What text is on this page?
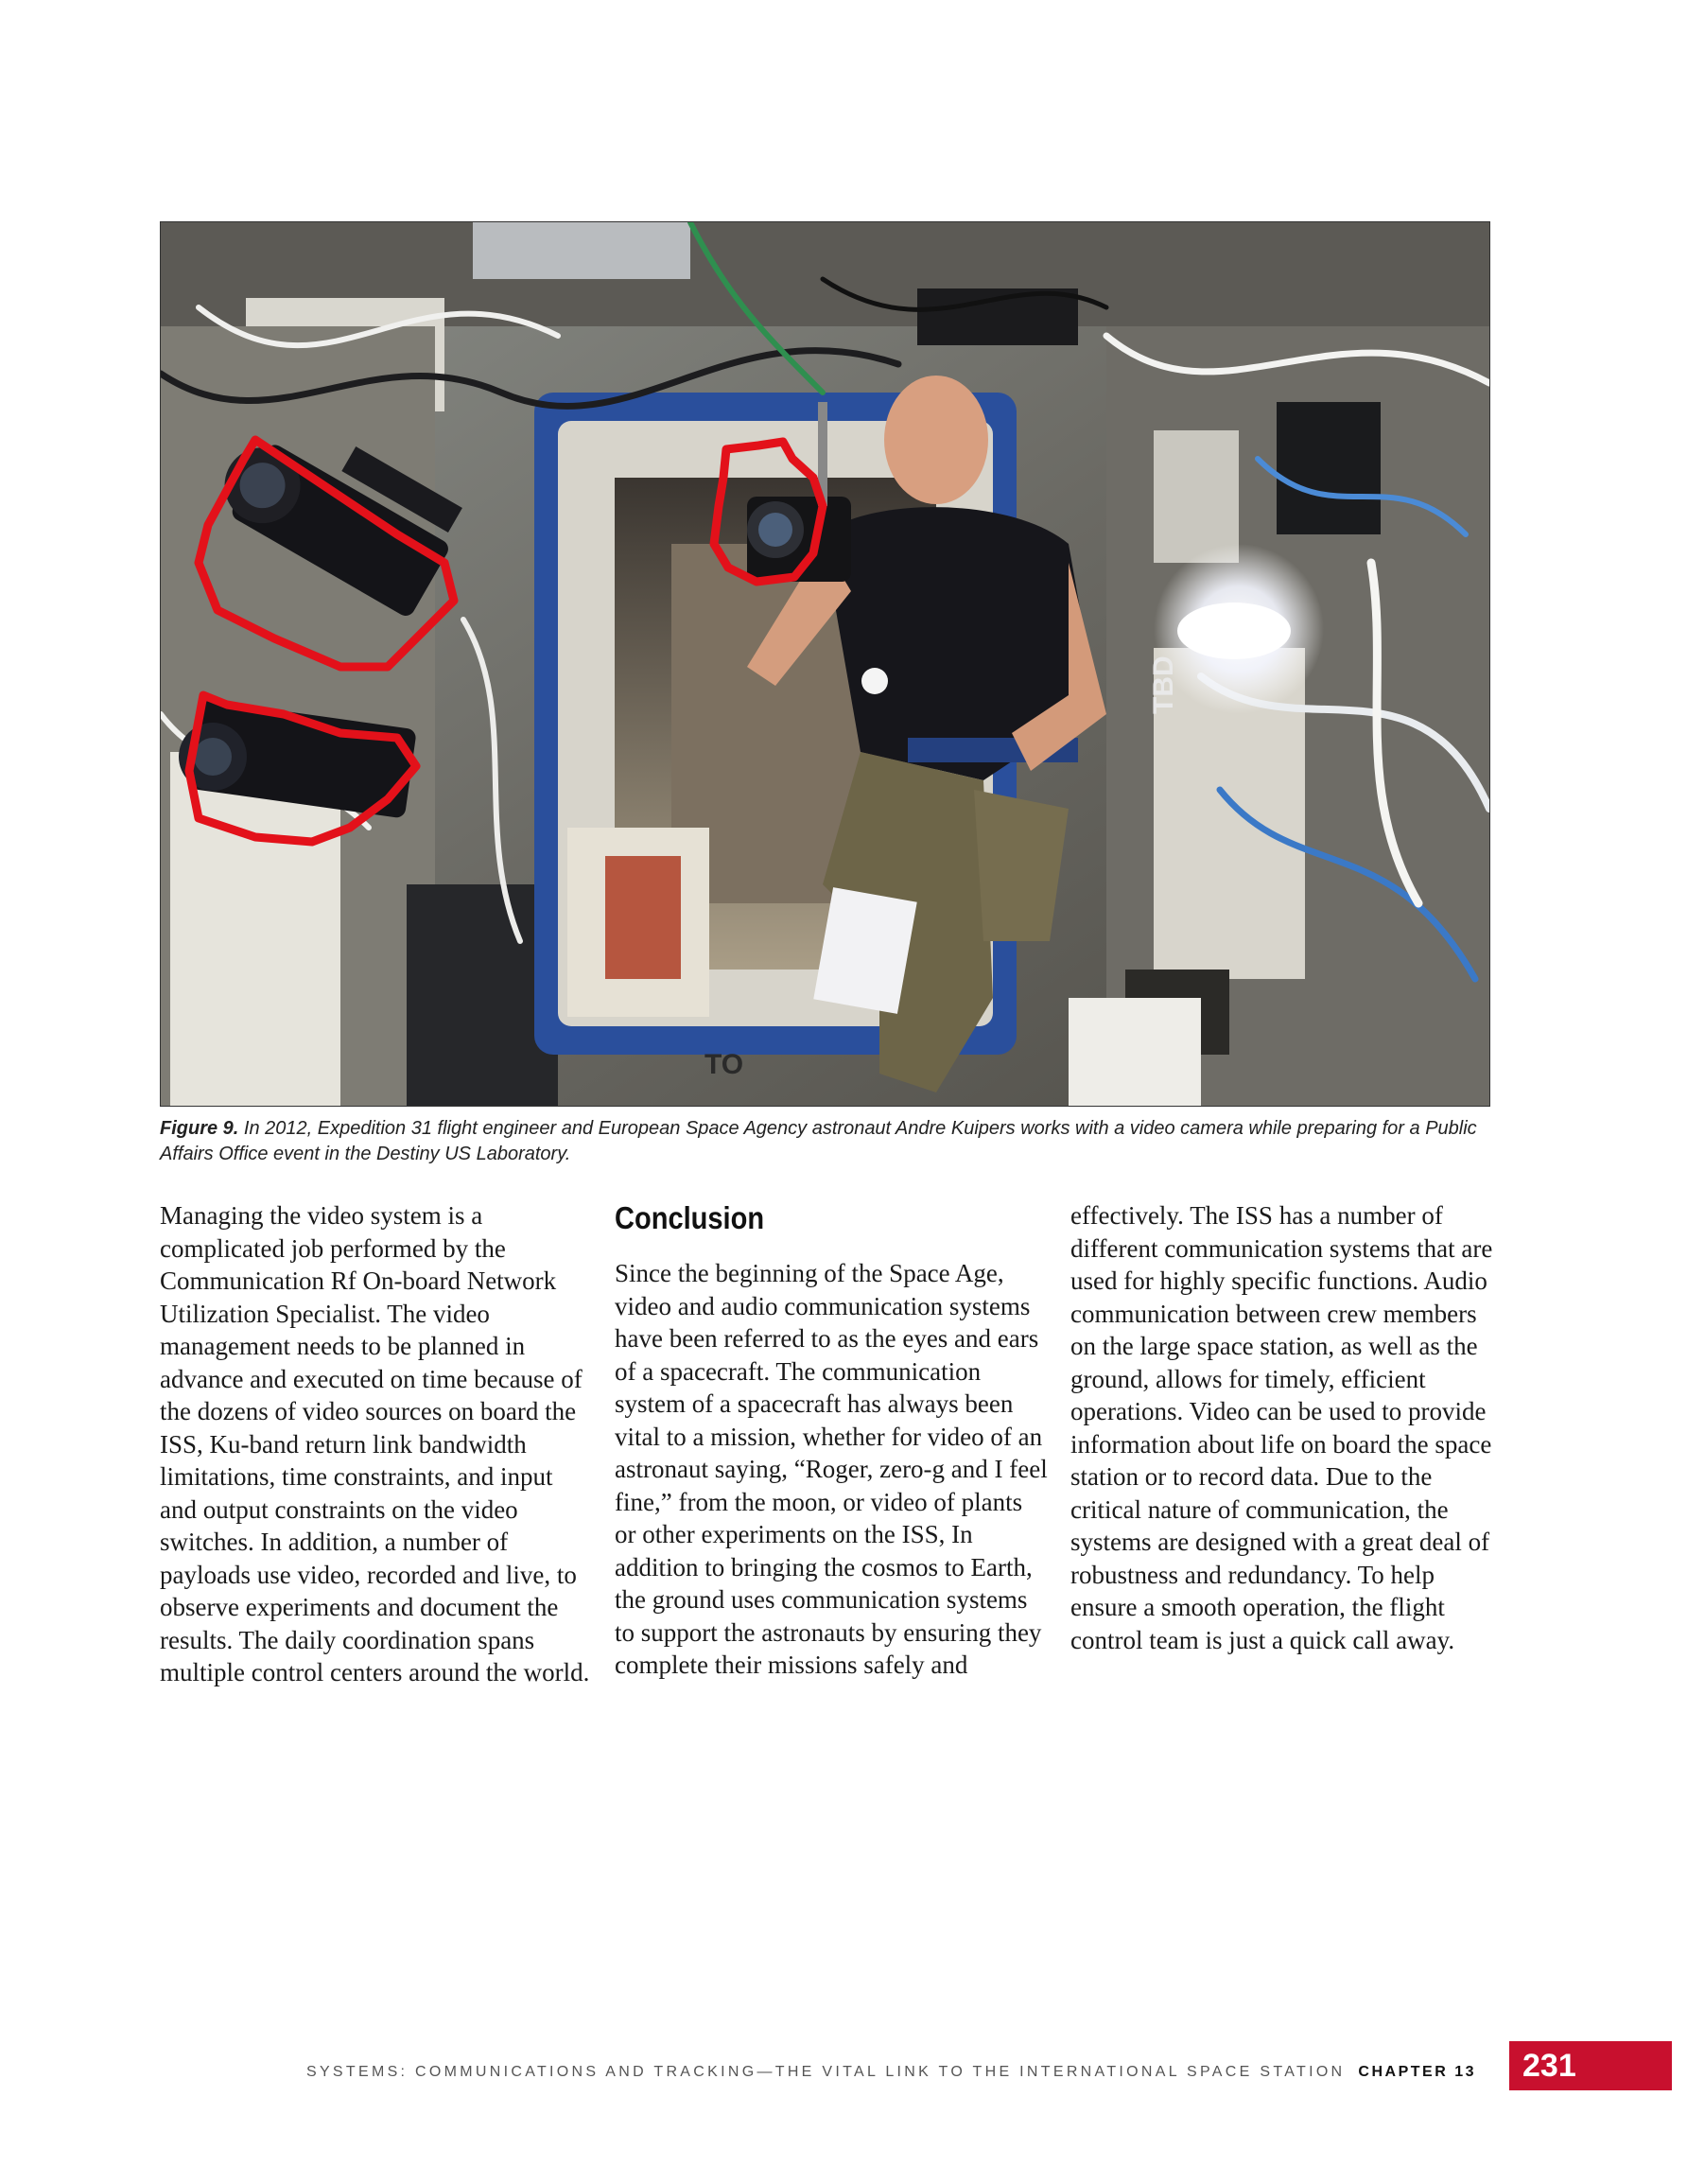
TBD
TO
Figure 9. In 2012, Expedition 31 flight engineer and European Space Agency astronaut Andre Kuipers works with a video camera while preparing for a Public Affairs Office event in the Destiny US Laboratory.

Managing the video system is a complicated job performed by the Communication Rf On-board Network Utilization Specialist. The video management needs to be planned in advance and executed on time because of the dozens of video sources on board the ISS, Ku-band return link bandwidth limitations, time constraints, and input and output constraints on the video switches. In addition, a number of payloads use video, recorded and live, to observe experiments and document the results. The daily coordination spans multiple control centers around the world.

Conclusion

Since the beginning of the Space Age, video and audio communication systems have been referred to as the eyes and ears of a spacecraft. The communication system of a spacecraft has always been vital to a mission, whether for video of an astronaut saying, “Roger, zero-g and I feel fine,” from the moon, or video of plants or other experiments on the ISS, In addition to bringing the cosmos to Earth, the ground uses communication systems to support the astronauts by ensuring they complete their missions safely and

effectively. The ISS has a number of different communication systems that are used for highly specific functions. Audio communication between crew members on the large space station, as well as the ground, allows for timely, efficient operations. Video can be used to provide information about life on board the space station or to record data. Due to the critical nature of communication, the systems are designed with a great deal of robustness and redundancy. To help ensure a smooth operation, the flight control team is just a quick call away.

SYSTEMS: COMMUNICATIONS AND TRACKING—THE VITAL LINK TO THE INTERNATIONAL SPACE STATION CHAPTER 13	231
